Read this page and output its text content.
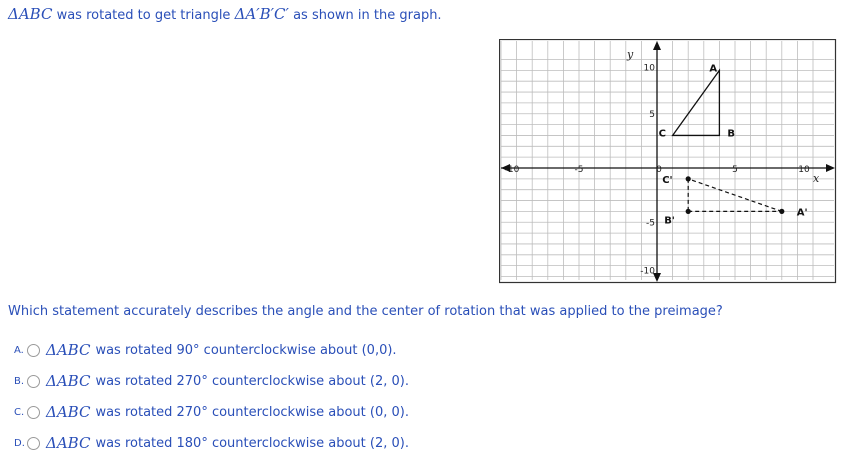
ΔABC was rotated to get triangle ΔA′B′C′ as shown in the graph.
-10	-5	0	5	10
10
5
-5
-10
x
y
A
B
C
A'
B'
C'
Which statement accurately describes the angle and the center of rotation that was applied to the preimage?
A. ΔABC was rotated 90° counterclockwise about (0,0).
B. ΔABC was rotated 270° counterclockwise about (2, 0).
C. ΔABC was rotated 270° counterclockwise about (0, 0).
D. ΔABC was rotated 180° counterclockwise about (2, 0).
